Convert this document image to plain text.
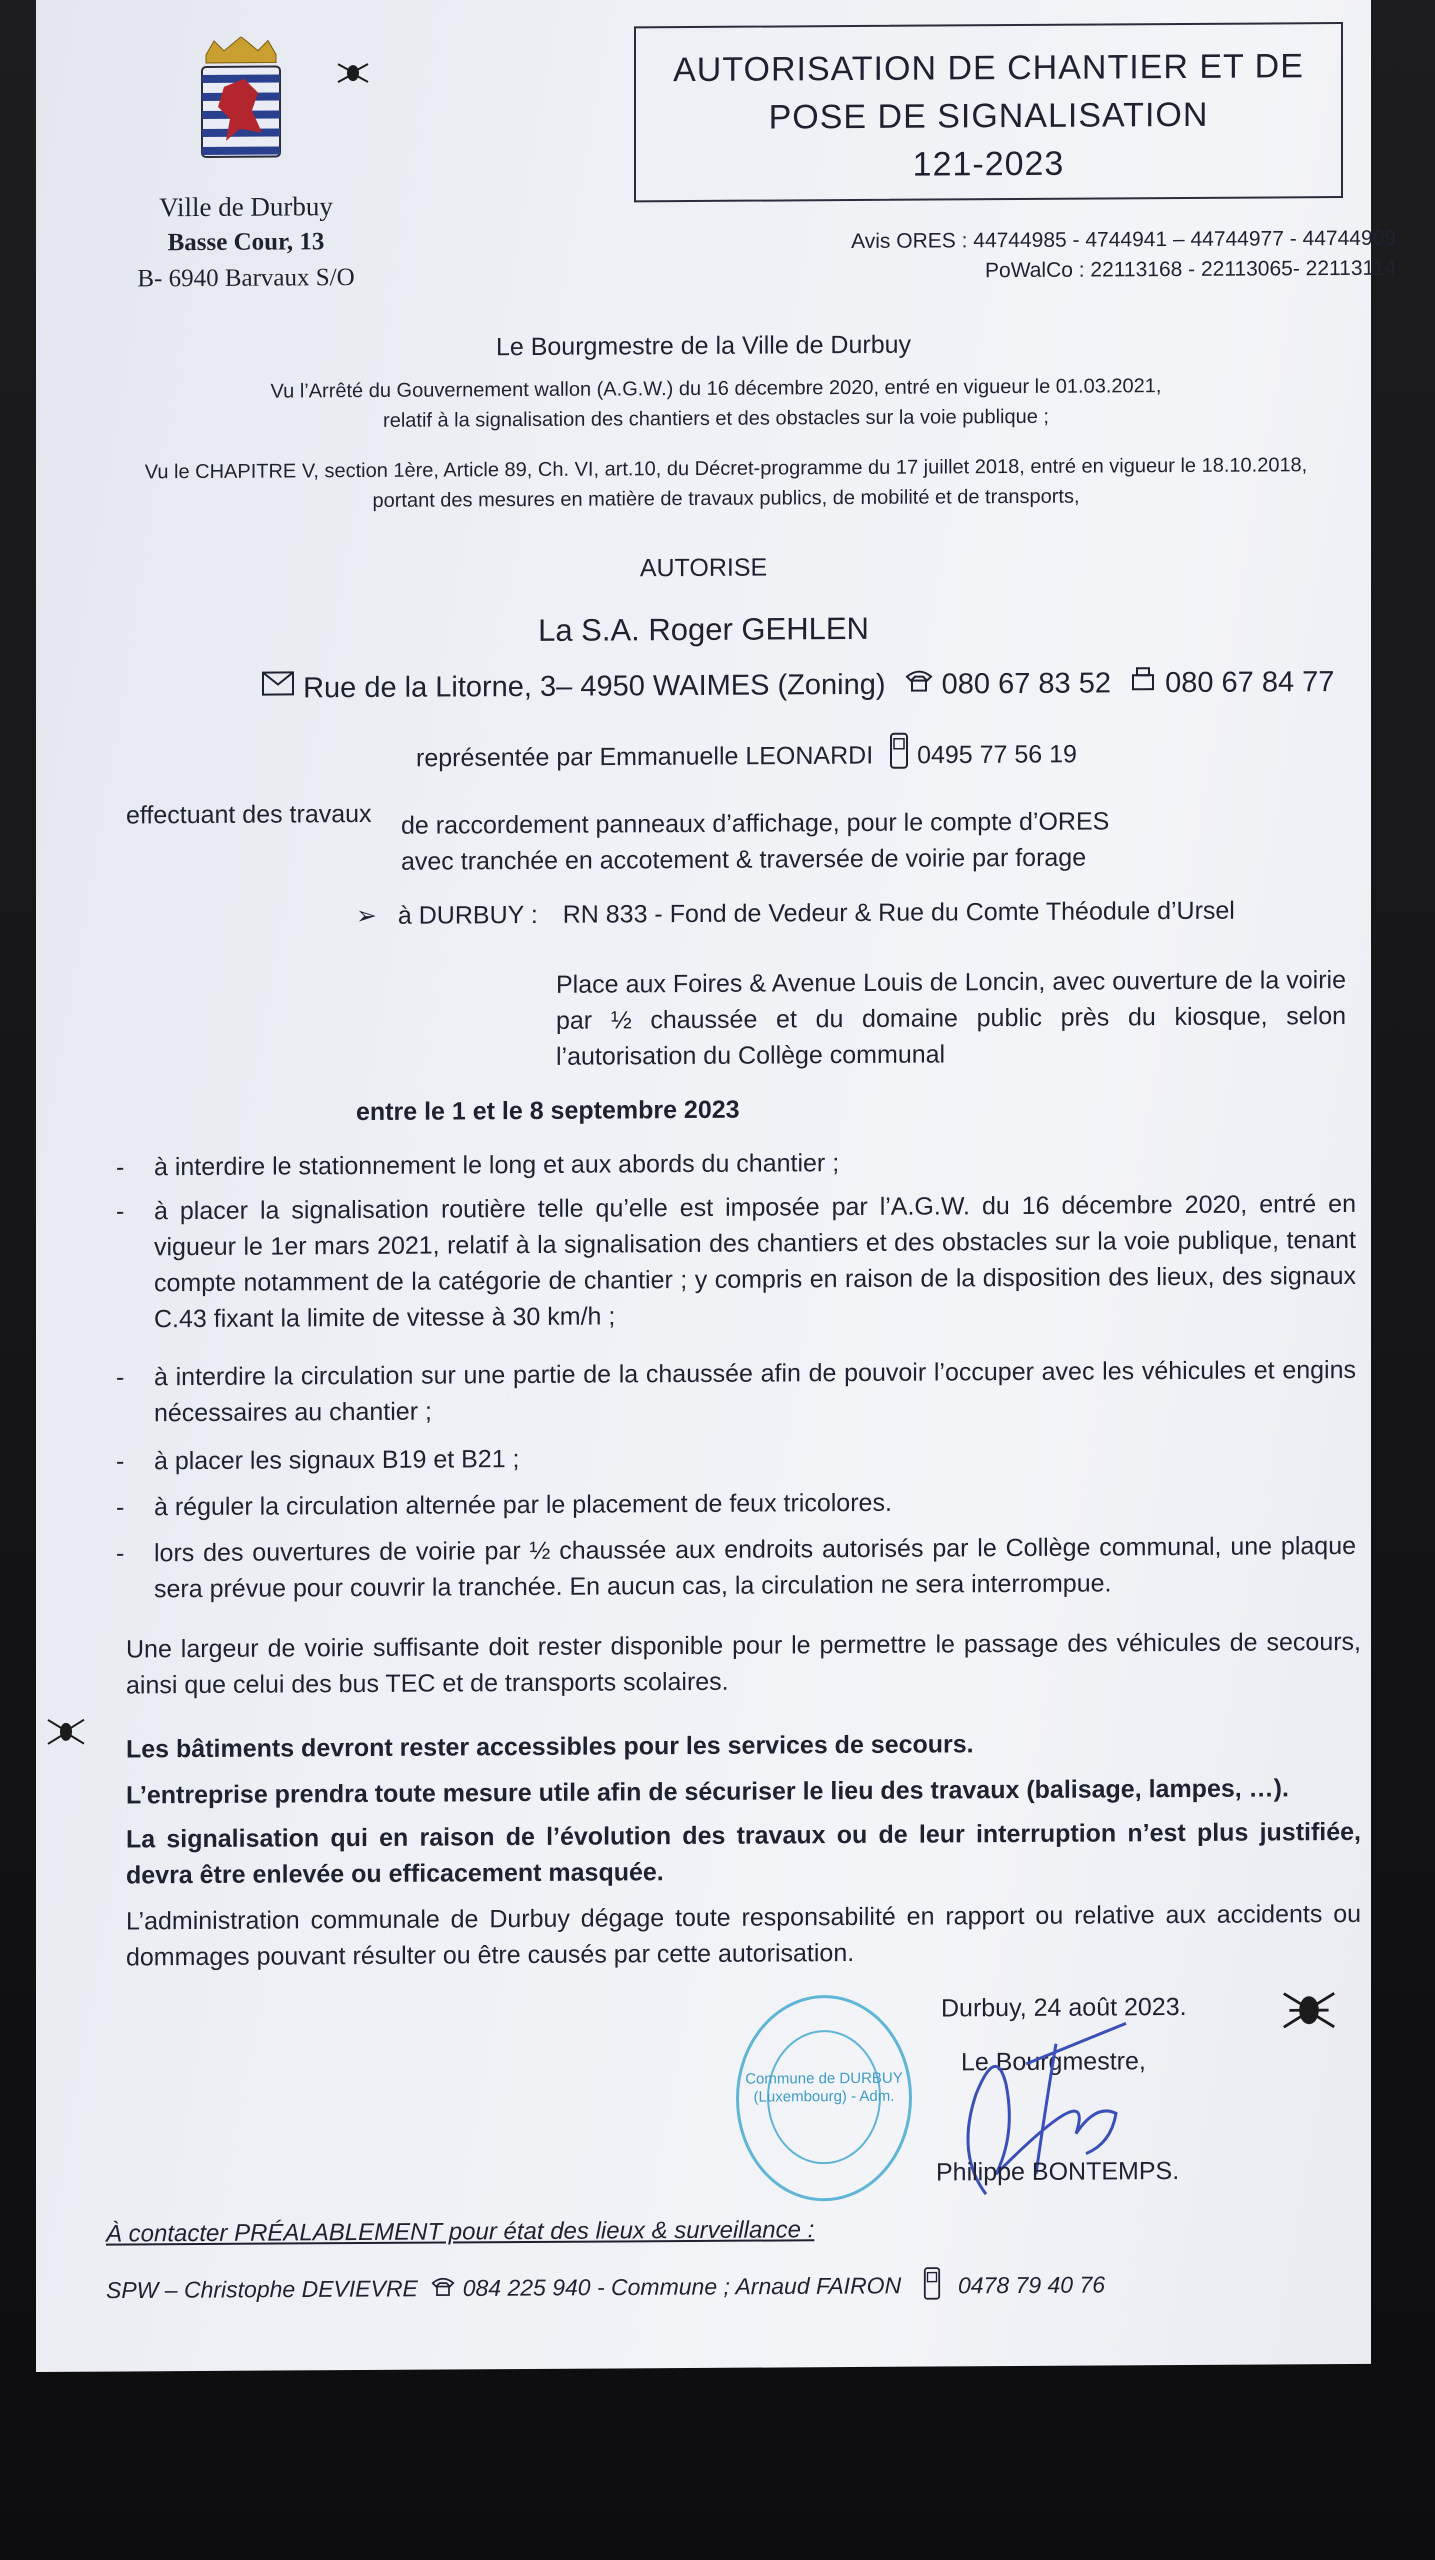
Ville de Durbuy
Basse Cour, 13
B- 6940 Barvaux S/O
AUTORISATION DE CHANTIER ET DE
POSE DE SIGNALISATION
121-2023
Avis ORES : 44744985 - 4744941 – 44744977 - 44744909
PoWalCo : 22113168 - 22113065- 22113114
Le Bourgmestre de la Ville de Durbuy
Vu l’Arrêté du Gouvernement wallon (A.G.W.) du 16 décembre 2020, entré en vigueur le 01.03.2021,
relatif à la signalisation des chantiers et des obstacles sur la voie publique ;
Vu le CHAPITRE V, section 1ère, Article 89, Ch. VI, art.10, du Décret-programme du 17 juillet 2018, entré en vigueur le 18.10.2018,
portant des mesures en matière de travaux publics, de mobilité et de transports,
AUTORISE
La S.A. Roger GEHLEN
Rue de la Litorne, 3– 4950 WAIMES (Zoning) 080 67 83 52 080 67 84 77
représentée par Emmanuelle LEONARDI 0495 77 56 19
effectuant des travaux de raccordement panneaux d’affichage, pour le compte d’ORES
avec tranchée en accotement & traversée de voirie par forage
➢ à DURBUY : RN 833 - Fond de Vedeur & Rue du Comte Théodule d’Ursel
Place aux Foires & Avenue Louis de Loncin, avec ouverture de la voirie par ½ chaussée et du domaine public près du kiosque, selon l’autorisation du Collège communal
entre le 1 et le 8 septembre 2023
-	à interdire le stationnement le long et aux abords du chantier ;
-	à placer la signalisation routière telle qu’elle est imposée par l’A.G.W. du 16 décembre 2020, entré en vigueur le 1er mars 2021, relatif à la signalisation des chantiers et des obstacles sur la voie publique, tenant compte notamment de la catégorie de chantier ; y compris en raison de la disposition des lieux, des signaux C.43 fixant la limite de vitesse à 30 km/h ;
-	à interdire la circulation sur une partie de la chaussée afin de pouvoir l’occuper avec les véhicules et engins nécessaires au chantier ;
-	à placer les signaux B19 et B21 ;
-	à réguler la circulation alternée par le placement de feux tricolores.
-	lors des ouvertures de voirie par ½ chaussée aux endroits autorisés par le Collège communal, une plaque sera prévue pour couvrir la tranchée. En aucun cas, la circulation ne sera interrompue.
Une largeur de voirie suffisante doit rester disponible pour le permettre le passage des véhicules de secours, ainsi que celui des bus TEC et de transports scolaires.
Les bâtiments devront rester accessibles pour les services de secours.
L’entreprise prendra toute mesure utile afin de sécuriser le lieu des travaux (balisage, lampes, …).
La signalisation qui en raison de l’évolution des travaux ou de leur interruption n’est plus justifiée, devra être enlevée ou efficacement masquée.
L’administration communale de Durbuy dégage toute responsabilité en rapport ou relative aux accidents ou dommages pouvant résulter ou être causés par cette autorisation.
Durbuy, 24 août 2023.
Le Bourgmestre,
Philippe BONTEMPS.
Commune de DURBUY (Luxembourg) - Adm.
À contacter PRÉALABLEMENT pour état des lieux & surveillance :
SPW – Christophe DEVIEVRE 084 225 940 - Commune ; Arnaud FAIRON 0478 79 40 76
